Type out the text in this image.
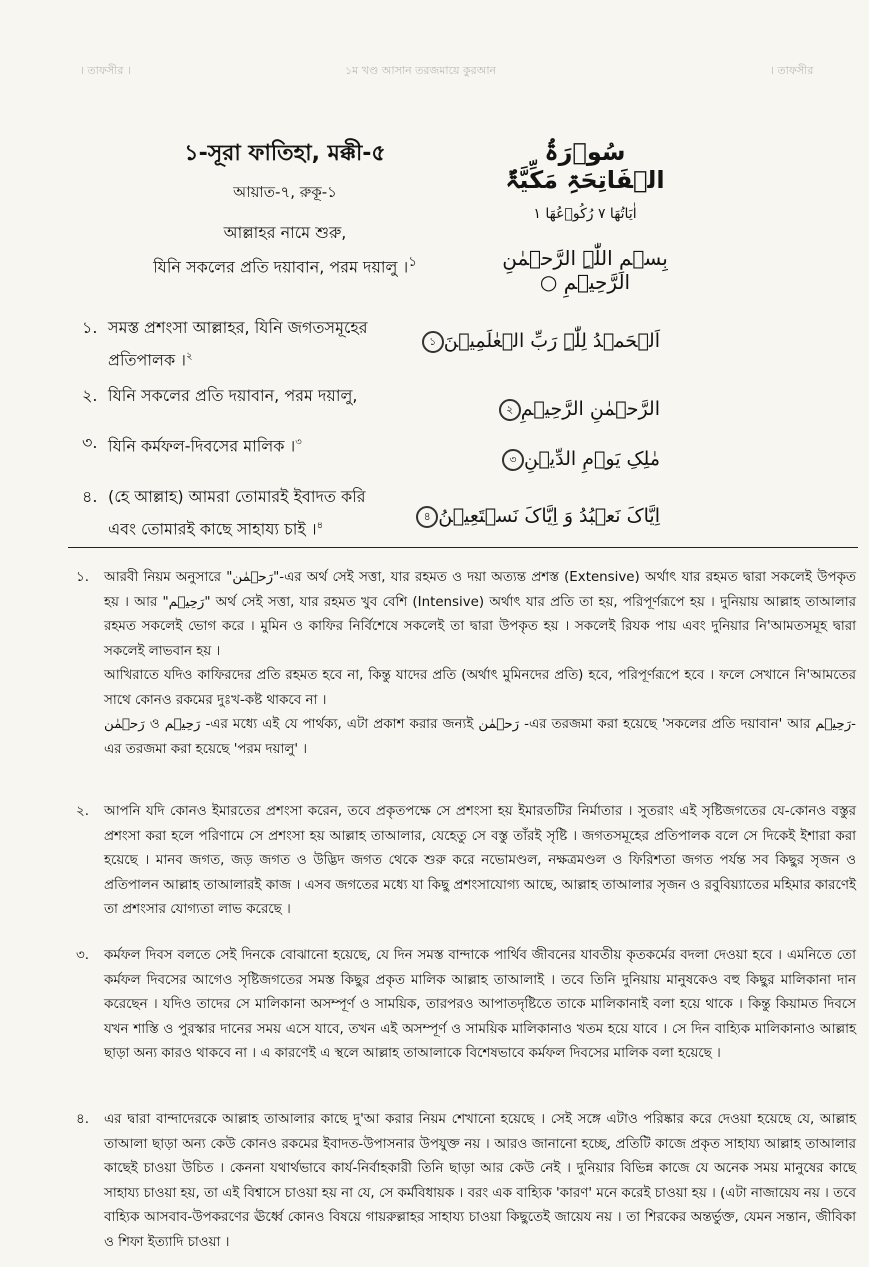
। তাফসীর ।	১ম খণ্ড আসান তরজমায়ে কুরআন	। তাফসীর
১-সূরা ফাতিহা, মক্কী-৫
আয়াত-৭, রুকূ-১
আল্লাহর নামে শুরু,
যিনি সকলের প্রতি দয়াবান, পরম দয়ালু ।$^১$
سُوۡرَۃُ الۡفَاتِحَۃِ مَکِّیَّۃٌ
اٰیَاتُهَا ۷ رُکُوۡعُهَا ۱
بِسۡمِ اللّٰہِ الرَّحۡمٰنِ الرَّحِیۡمِ ○
১. সমস্ত প্রশংসা আল্লাহর, যিনি জগতসমূহের
প্রতিপালক ।$^২$
২. যিনি সকলের প্রতি দয়াবান, পরম দয়ালু,
৩. যিনি কর্মফল-দিবসের মালিক ।$^৩$
৪. (হে আল্লাহ) আমরা তোমারই ইবাদত করি
এবং তোমারই কাছে সাহায্য চাই ।$^৪$
اَلۡحَمۡدُ لِلّٰہِ رَبِّ الۡعٰلَمِیۡنَ১
الرَّحۡمٰنِ الرَّحِیۡمِ২
مٰلِکِ یَوۡمِ الدِّیۡنِ৩
اِیَّاکَ نَعۡبُدُ وَ اِیَّاکَ نَسۡتَعِیۡنُ৪
১. আরবী নিয়ম অনুসারে "رَحۡمٰن"-এর অর্থ সেই সত্তা, যার রহমত ও দয়া অত্যন্ত প্রশস্ত (Extensive) অর্থাৎ যার রহমত দ্বারা সকলেই উপকৃত হয় । আর "رَحِیۡم" অর্থ সেই সত্তা, যার রহমত খুব বেশি (Intensive) অর্থাৎ যার প্রতি তা হয়, পরিপূর্ণরূপে হয় । দুনিয়ায় আল্লাহ তাআলার রহমত সকলেই ভোগ করে । মুমিন ও কাফির নির্বিশেষে সকলেই তা দ্বারা উপকৃত হয় । সকলেই রিযক পায় এবং দুনিয়ার নি'আমতসমূহ দ্বারা সকলেই লাভবান হয় ।

আখিরাতে যদিও কাফিরদের প্রতি রহমত হবে না, কিন্তু যাদের প্রতি (অর্থাৎ মুমিনদের প্রতি) হবে, পরিপূর্ণরূপে হবে । ফলে সেখানে নি'আমতের সাথে কোনও রকমের দুঃখ-কষ্ট থাকবে না ।

رَحۡمٰن ও رَحِیۡم -এর মধ্যে এই যে পার্থক্য, এটা প্রকাশ করার জন্যই رَحۡمٰن -এর তরজমা করা হয়েছে 'সকলের প্রতি দয়াবান' আর رَحِیۡم-এর তরজমা করা হয়েছে 'পরম দয়ালু' ।

২. আপনি যদি কোনও ইমারতের প্রশংসা করেন, তবে প্রকৃতপক্ষে সে প্রশংসা হয় ইমারতটির নির্মাতার । সুতরাং এই সৃষ্টিজগতের যে-কোনও বস্তুর প্রশংসা করা হলে পরিণামে সে প্রশংসা হয় আল্লাহ তাআলার, যেহেতু সে বস্তু তাঁরই সৃষ্টি । জগতসমূহের প্রতিপালক বলে সে দিকেই ইশারা করা হয়েছে । মানব জগত, জড় জগত ও উদ্ভিদ জগত থেকে শুরু করে নভোমণ্ডল, নক্ষত্রমণ্ডল ও ফিরিশতা জগত পর্যন্ত সব কিছুর সৃজন ও প্রতিপালন আল্লাহ তাআলারই কাজ । এসব জগতের মধ্যে যা কিছু প্রশংসাযোগ্য আছে, আল্লাহ তাআলার সৃজন ও রবুবিয়্যাতের মহিমার কারণেই তা প্রশংসার যোগ্যতা লাভ করেছে ।

৩. কর্মফল দিবস বলতে সেই দিনকে বোঝানো হয়েছে, যে দিন সমস্ত বান্দাকে পার্থিব জীবনের যাবতীয় কৃতকর্মের বদলা দেওয়া হবে । এমনিতে তো কর্মফল দিবসের আগেও সৃষ্টিজগতের সমস্ত কিছুর প্রকৃত মালিক আল্লাহ তাআলাই । তবে তিনি দুনিয়ায় মানুষকেও বহু কিছুর মালিকানা দান করেছেন । যদিও তাদের সে মালিকানা অসম্পূর্ণ ও সাময়িক, তারপরও আপাতদৃষ্টিতে তাকে মালিকানাই বলা হয়ে থাকে । কিন্তু কিয়ামত দিবসে যখন শাস্তি ও পুরস্কার দানের সময় এসে যাবে, তখন এই অসম্পূর্ণ ও সাময়িক মালিকানাও খতম হয়ে যাবে । সে দিন বাহ্যিক মালিকানাও আল্লাহ ছাড়া অন্য কারও থাকবে না । এ কারণেই এ স্থলে আল্লাহ তাআলাকে বিশেষভাবে কর্মফল দিবসের মালিক বলা হয়েছে ।

৪. এর দ্বারা বান্দাদেরকে আল্লাহ তাআলার কাছে দু'আ করার নিয়ম শেখানো হয়েছে । সেই সঙ্গে এটাও পরিষ্কার করে দেওয়া হয়েছে যে, আল্লাহ তাআলা ছাড়া অন্য কেউ কোনও রকমের ইবাদত-উপাসনার উপযুক্ত নয় । আরও জানানো হচ্ছে, প্রতিটি কাজে প্রকৃত সাহায্য আল্লাহ তাআলার কাছেই চাওয়া উচিত । কেননা যথার্থভাবে কার্য-নির্বাহকারী তিনি ছাড়া আর কেউ নেই । দুনিয়ার বিভিন্ন কাজে যে অনেক সময় মানুষের কাছে সাহায্য চাওয়া হয়, তা এই বিশ্বাসে চাওয়া হয় না যে, সে কর্মবিধায়ক । বরং এক বাহ্যিক 'কারণ' মনে করেই চাওয়া হয় । (এটা নাজায়েয নয় । তবে বাহ্যিক আসবাব-উপকরণের ঊর্ধ্বে কোনও বিষয়ে গায়রুল্লাহর সাহায্য চাওয়া কিছুতেই জায়েয নয় । তা শিরকের অন্তর্ভুক্ত, যেমন সন্তান, জীবিকা ও শিফা ইত্যাদি চাওয়া ।
